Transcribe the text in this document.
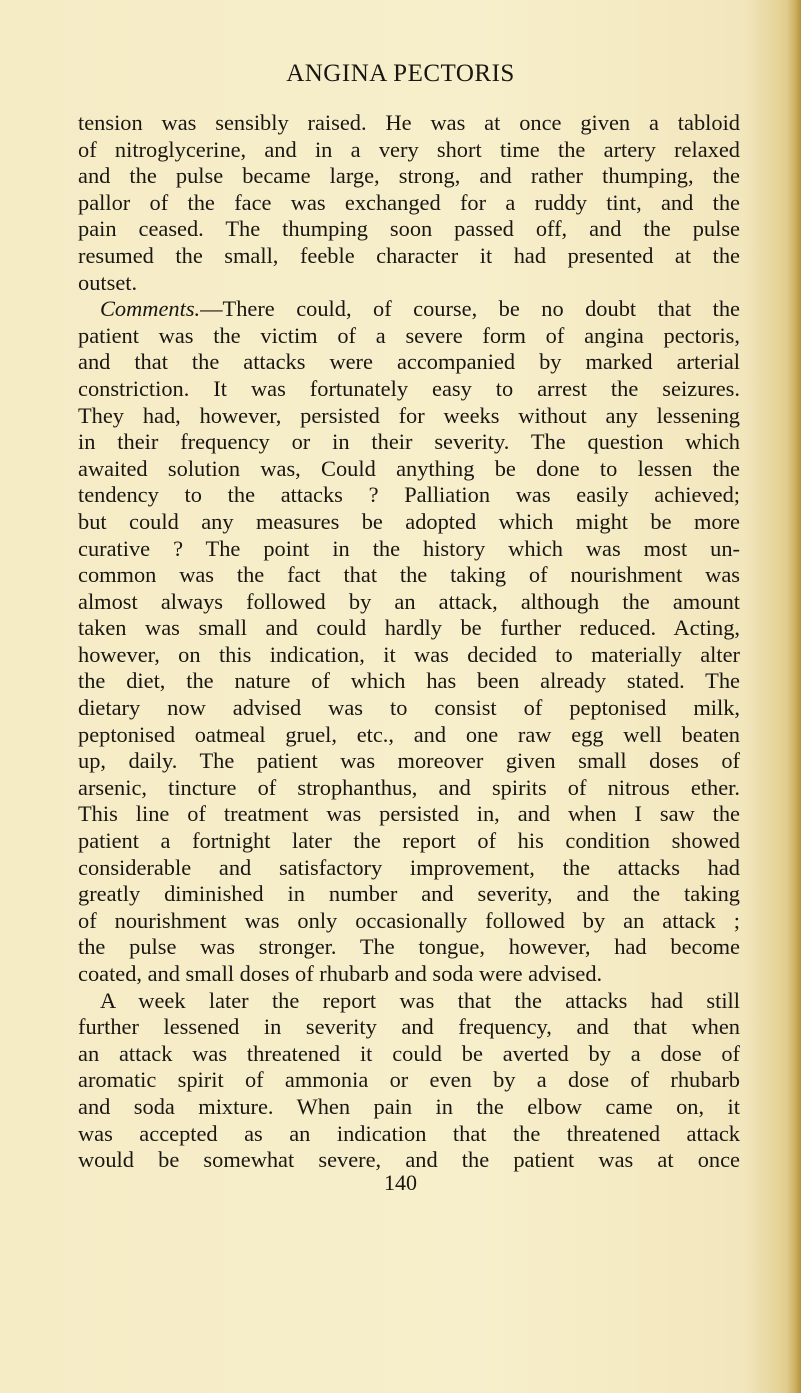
ANGINA PECTORIS
tension was sensibly raised. He was at once given a tabloid
of nitroglycerine, and in a very short time the artery relaxed
and the pulse became large, strong, and rather thumping, the
pallor of the face was exchanged for a ruddy tint, and the
pain ceased. The thumping soon passed off, and the pulse
resumed the small, feeble character it had presented at the
outset.
Comments.—There could, of course, be no doubt that the
patient was the victim of a severe form of angina pectoris,
and that the attacks were accompanied by marked arterial
constriction. It was fortunately easy to arrest the seizures.
They had, however, persisted for weeks without any lessening
in their frequency or in their severity. The question which
awaited solution was, Could anything be done to lessen the
tendency to the attacks ? Palliation was easily achieved;
but could any measures be adopted which might be more
curative ? The point in the history which was most un-
common was the fact that the taking of nourishment was
almost always followed by an attack, although the amount
taken was small and could hardly be further reduced. Acting,
however, on this indication, it was decided to materially alter
the diet, the nature of which has been already stated. The
dietary now advised was to consist of peptonised milk,
peptonised oatmeal gruel, etc., and one raw egg well beaten
up, daily. The patient was moreover given small doses of
arsenic, tincture of strophanthus, and spirits of nitrous ether.
This line of treatment was persisted in, and when I saw the
patient a fortnight later the report of his condition showed
considerable and satisfactory improvement, the attacks had
greatly diminished in number and severity, and the taking
of nourishment was only occasionally followed by an attack ;
the pulse was stronger. The tongue, however, had become
coated, and small doses of rhubarb and soda were advised.
A week later the report was that the attacks had still
further lessened in severity and frequency, and that when
an attack was threatened it could be averted by a dose of
aromatic spirit of ammonia or even by a dose of rhubarb
and soda mixture. When pain in the elbow came on, it
was accepted as an indication that the threatened attack
would be somewhat severe, and the patient was at once
140
